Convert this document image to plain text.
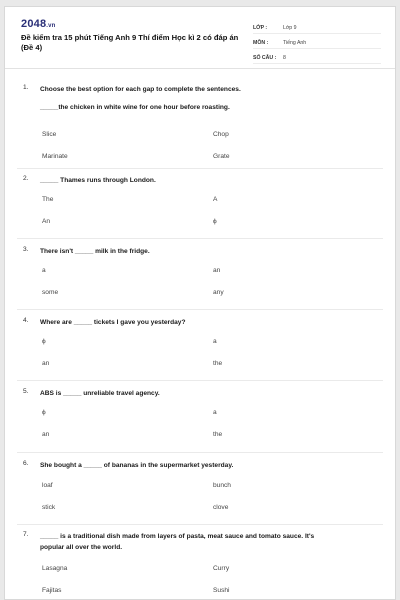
2048.vn
Đề kiểm tra 15 phút Tiếng Anh 9 Thí điểm Học kì 2 có đáp án (Đề 4)
LỚP :	Lớp 9
MÔN :	Tiếng Anh
SỐ CÂU :	8
1. Choose the best option for each gap to complete the sentences.
_____the chicken in white wine for one hour before roasting.
Slice	Chop
Marinate	Grate
2. _____ Thames runs through London.
The	A
An	ϕ
3. There isn't _____ milk in the fridge.
a	an
some	any
4. Where are _____ tickets I gave you yesterday?
ϕ	a
an	the
5. ABS is _____ unreliable travel agency.
ϕ	a
an	the
6. She bought a _____ of bananas in the supermarket yesterday.
loaf	bunch
stick	clove
7. _____ is a traditional dish made from layers of pasta, meat sauce and tomato sauce. It's
popular all over the world.
Lasagna	Curry
Fajitas	Sushi
